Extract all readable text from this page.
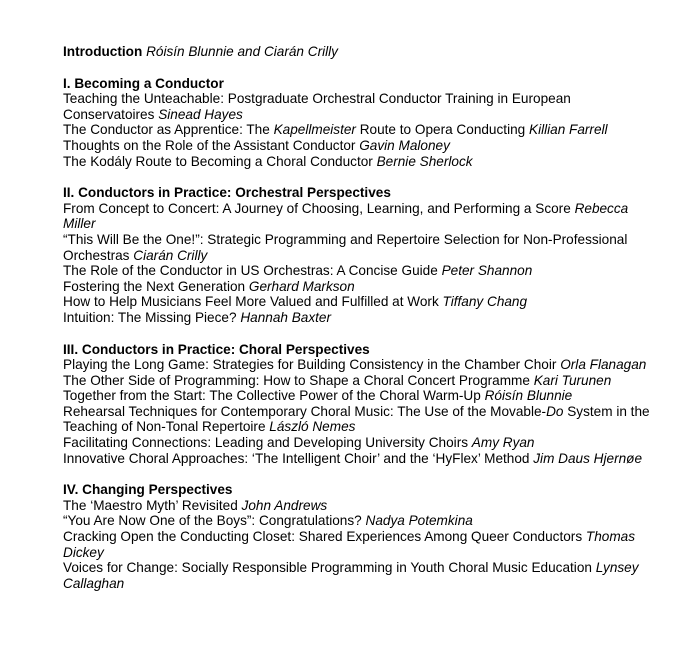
Introduction Róisín Blunnie and Ciarán Crilly

I. Becoming a Conductor

Teaching the Unteachable: Postgraduate Orchestral Conductor Training in European Conservatoires Sinead Hayes

The Conductor as Apprentice: The Kapellmeister Route to Opera Conducting Killian Farrell

Thoughts on the Role of the Assistant Conductor Gavin Maloney

The Kodály Route to Becoming a Choral Conductor Bernie Sherlock

II. Conductors in Practice: Orchestral Perspectives

From Concept to Concert: A Journey of Choosing, Learning, and Performing a Score Rebecca Miller

“This Will Be the One!”: Strategic Programming and Repertoire Selection for Non-Professional Orchestras Ciarán Crilly

The Role of the Conductor in US Orchestras: A Concise Guide Peter Shannon

Fostering the Next Generation Gerhard Markson

How to Help Musicians Feel More Valued and Fulfilled at Work Tiffany Chang

Intuition: The Missing Piece? Hannah Baxter

III. Conductors in Practice: Choral Perspectives

Playing the Long Game: Strategies for Building Consistency in the Chamber Choir Orla Flanagan

The Other Side of Programming: How to Shape a Choral Concert Programme Kari Turunen

Together from the Start: The Collective Power of the Choral Warm-Up Róisín Blunnie

Rehearsal Techniques for Contemporary Choral Music: The Use of the Movable-Do System in the Teaching of Non-Tonal Repertoire László Nemes

Facilitating Connections: Leading and Developing University Choirs Amy Ryan

Innovative Choral Approaches: ‘The Intelligent Choir’ and the ‘HyFlex’ Method Jim Daus Hjernøe

IV. Changing Perspectives

The ‘Maestro Myth’ Revisited John Andrews

“You Are Now One of the Boys”: Congratulations? Nadya Potemkina

Cracking Open the Conducting Closet: Shared Experiences Among Queer Conductors Thomas Dickey

Voices for Change: Socially Responsible Programming in Youth Choral Music Education Lynsey Callaghan
